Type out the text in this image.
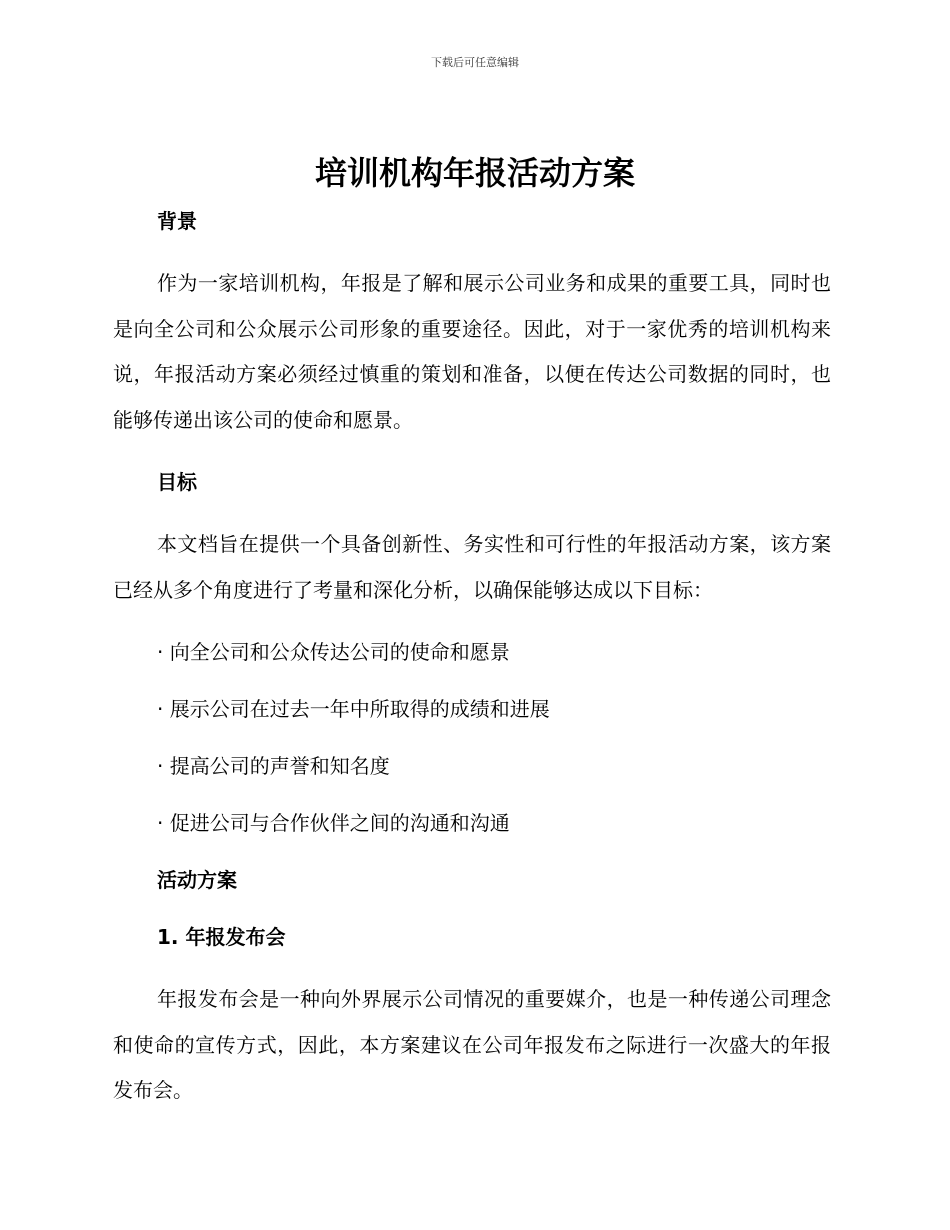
下载后可任意编辑
培训机构年报活动方案
背景

作为一家培训机构，年报是了解和展示公司业务和成果的重要工具，同时也是向全公司和公众展示公司形象的重要途径。因此，对于一家优秀的培训机构来说，年报活动方案必须经过慎重的策划和准备，以便在传达公司数据的同时，也能够传递出该公司的使命和愿景。

目标

本文档旨在提供一个具备创新性、务实性和可行性的年报活动方案，该方案已经从多个角度进行了考量和深化分析，以确保能够达成以下目标：

· 向全公司和公众传达公司的使命和愿景

· 展示公司在过去一年中所取得的成绩和进展

· 提高公司的声誉和知名度

· 促进公司与合作伙伴之间的沟通和沟通

活动方案
1. 年报发布会

年报发布会是一种向外界展示公司情况的重要媒介，也是一种传递公司理念和使命的宣传方式，因此，本方案建议在公司年报发布之际进行一次盛大的年报发布会。
